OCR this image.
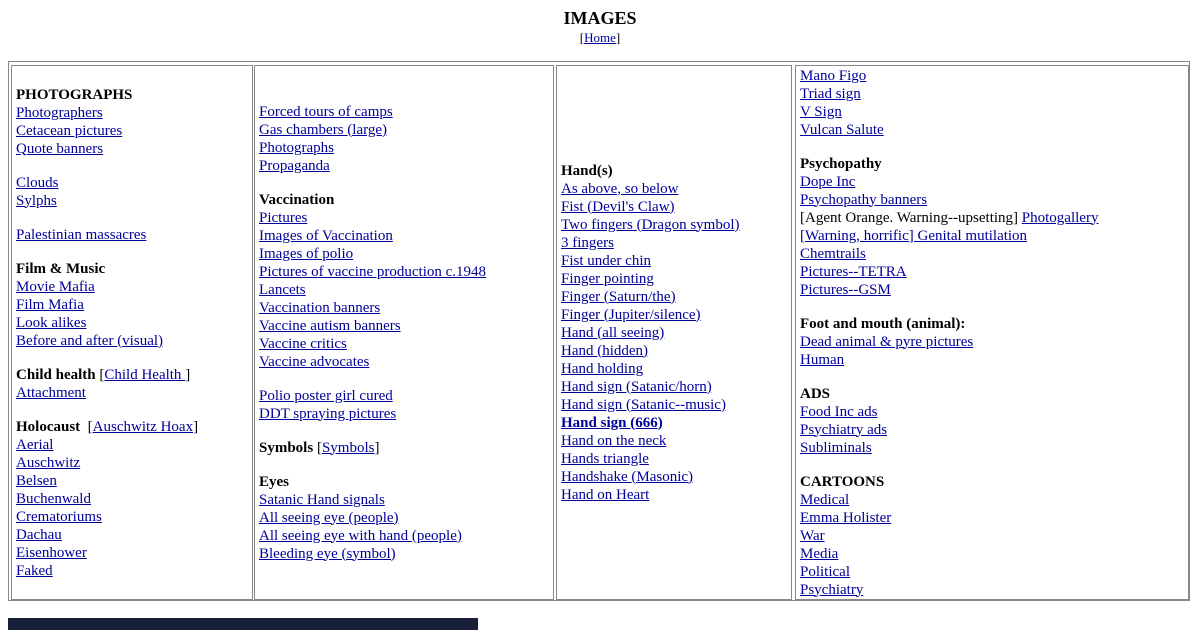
IMAGES
[Home]
PHOTOGRAPHS
Photographers
Cetacean pictures
Quote banners
Clouds
Sylphs
Palestinian massacres
Film & Music
Movie Mafia
Film Mafia
Look alikes
Before and after (visual)
Child health [Child Health ]
Attachment
Holocaust  [Auschwitz Hoax]
Aerial
Auschwitz
Belsen
Buchenwald
Crematoriums
Dachau
Eisenhower
Faked
Forced tours of camps
Gas chambers (large)
Photographs
Propaganda
Vaccination
Pictures
Images of Vaccination
Images of polio
Pictures of vaccine production c.1948
Lancets
Vaccination banners
Vaccine autism banners
Vaccine critics
Vaccine advocates
Polio poster girl cured
DDT spraying pictures
Symbols [Symbols]
Eyes
Satanic Hand signals
All seeing eye (people)
All seeing eye with hand (people)
Bleeding eye (symbol)
Hand(s)
As above, so below
Fist (Devil's Claw)
Two fingers (Dragon symbol)
3 fingers
Fist under chin
Finger pointing
Finger (Saturn/the)
Finger (Jupiter/silence)
Hand (all seeing)
Hand (hidden)
Hand holding
Hand sign (Satanic/horn)
Hand sign (Satanic--music)
Hand sign (666)
Hand on the neck
Hands triangle
Handshake (Masonic)
Hand on Heart
Mano Figo
Triad sign
V Sign
Vulcan Salute
Psychopathy
Dope Inc
Psychopathy banners
[Agent Orange. Warning--upsetting] Photogallery
[Warning, horrific] Genital mutilation
Chemtrails
Pictures--TETRA
Pictures--GSM
Foot and mouth (animal):
Dead animal & pyre pictures
Human
ADS
Food Inc ads
Psychiatry ads
Subliminals
CARTOONS
Medical
Emma Holister
War
Media
Political
Psychiatry
